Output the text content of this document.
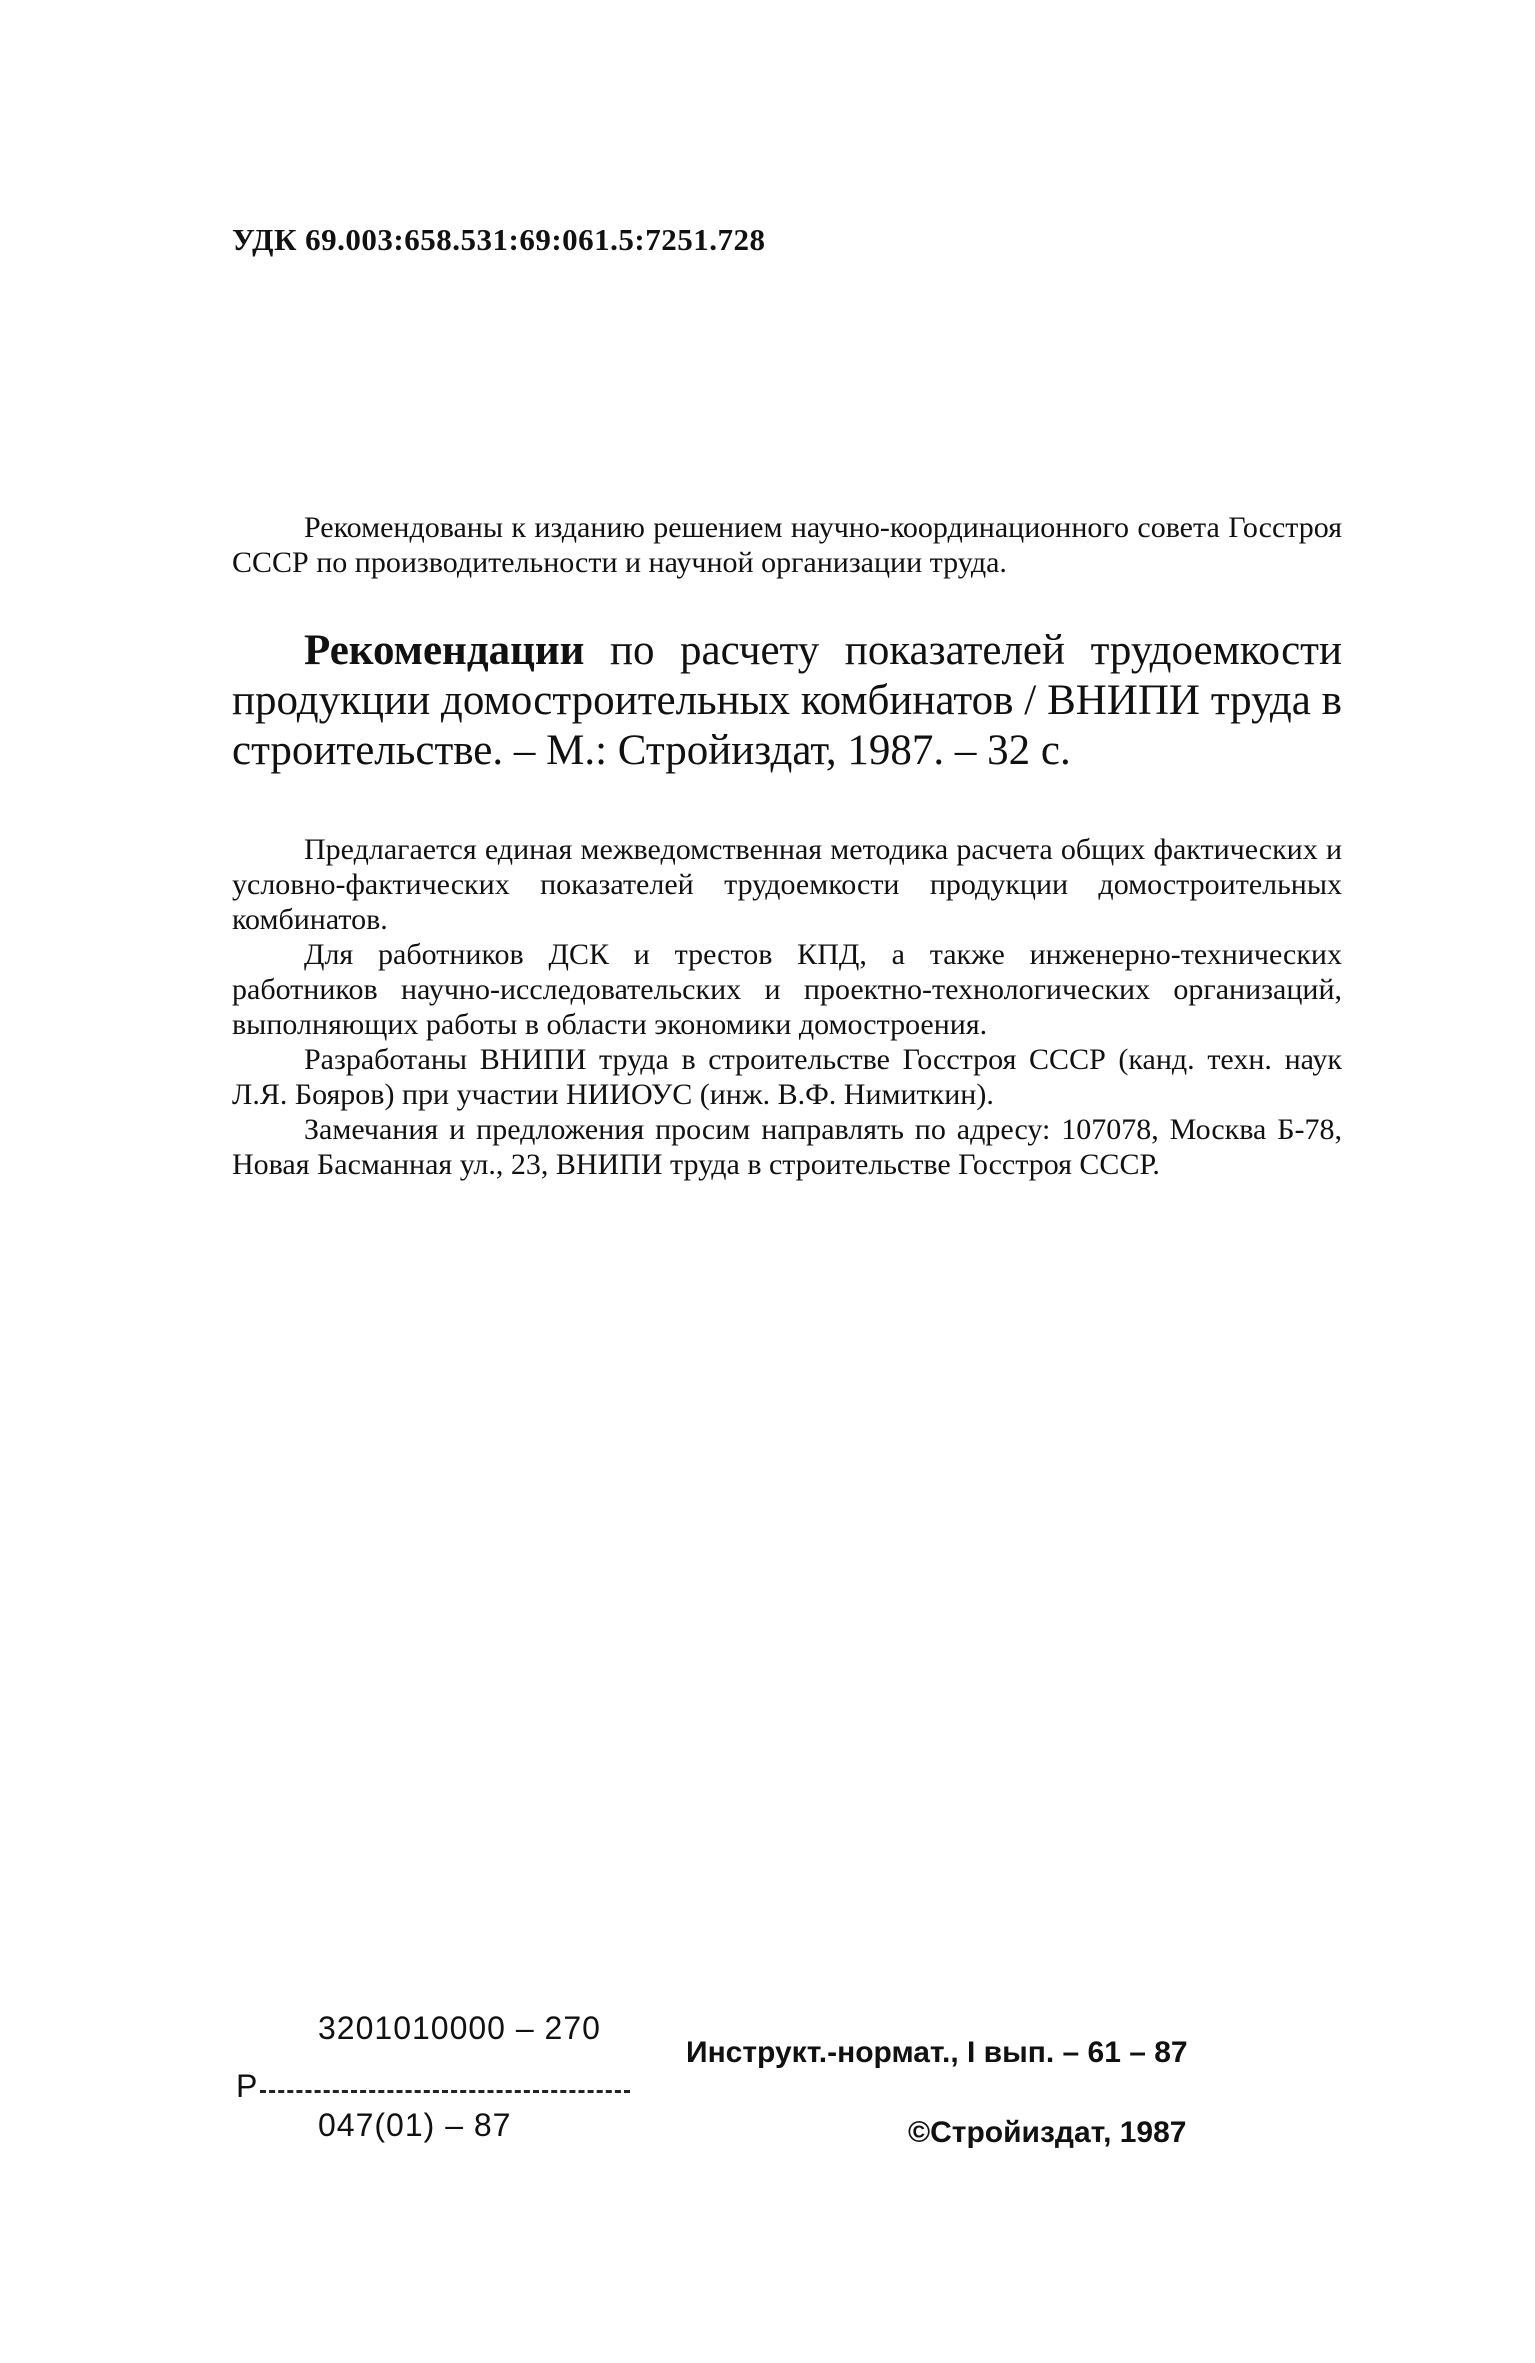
УДК 69.003:658.531:69:061.5:7251.728
Рекомендованы к изданию решением научно-координационного совета Госстроя СССР по производительности и научной организации труда.
Рекомендации по расчету показателей трудоемкости продукции домостроительных комбинатов / ВНИПИ труда в строительстве. – М.: Стройиздат, 1987. – 32 с.

Предлагается единая межведомственная методика расчета общих фактических и условно-фактических показателей трудоемкости продукции домостроительных комбинатов.

Для работников ДСК и трестов КПД, а также инженерно-технических работников научно-исследовательских и проектно-технологических организаций, выполняющих работы в области экономики домостроения.

Разработаны ВНИПИ труда в строительстве Госстроя СССР (канд. техн. наук Л.Я. Бояров) при участии НИИОУС (инж. В.Ф. Нимиткин).

Замечания и предложения просим направлять по адресу: 107078, Москва Б-78, Новая Басманная ул., 23, ВНИПИ труда в строительстве Госстроя СССР.

Р
3201010000 – 270
047(01) – 87
Инструкт.-нормат., I вып. – 61 – 87
©Стройиздат, 1987
